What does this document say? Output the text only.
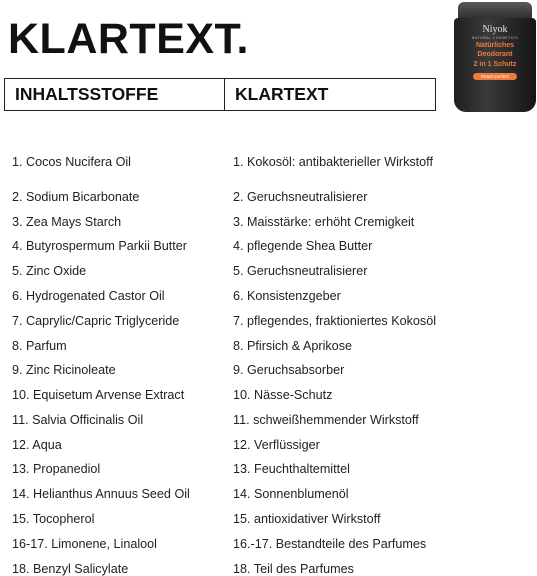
KLARTEXT.	Niyok
NATURAL COSMETICS
Natürliches Deodorant
2 in 1 Schutz
Peach perfect
INHALTSSTOFFE	KLARTEXT
1. Cocos Nucifera Oil	1. Kokosöl: antibakterieller Wirkstoff
2. Sodium Bicarbonate	2. Geruchsneutralisierer
3. Zea Mays Starch	3. Maisstärke: erhöht Cremigkeit
4. Butyrospermum Parkii Butter	4. pflegende Shea Butter
5. Zinc Oxide	5. Geruchsneutralisierer
6. Hydrogenated Castor Oil	6. Konsistenzgeber
7. Caprylic/Capric Triglyceride	7. pflegendes, fraktioniertes Kokosöl
8. Parfum	8. Pfirsich & Aprikose
9. Zinc Ricinoleate	9. Geruchsabsorber
10. Equisetum Arvense Extract	10. Nässe-Schutz
11. Salvia Officinalis Oil	11. schweißhemmender Wirkstoff
12. Aqua	12. Verflüssiger
13. Propanediol	13. Feuchthaltemittel
14. Helianthus Annuus Seed Oil	14. Sonnenblumenöl
15. Tocopherol	15. antioxidativer Wirkstoff
16-17. Limonene, Linalool	16.-17. Bestandteile des Parfumes
18. Benzyl Salicylate	18. Teil des Parfumes
